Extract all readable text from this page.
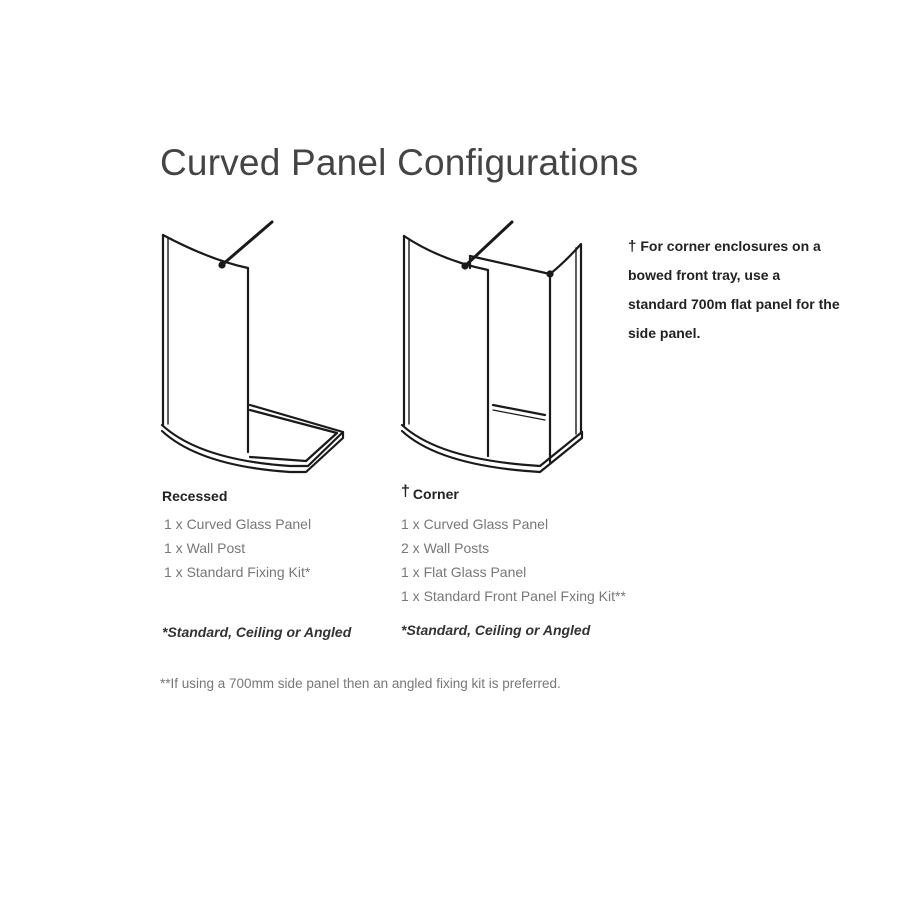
Curved Panel Configurations
† For corner enclosures on a bowed front tray, use a standard 700m flat panel for the side panel.
Recessed
1 x Curved Glass Panel
1 x Wall Post
1 x Standard Fixing Kit*
*Standard, Ceiling or Angled
† Corner
1 x Curved Glass Panel
2 x Wall Posts
1 x Flat Glass Panel
1 x Standard Front Panel Fxing Kit**
*Standard, Ceiling or Angled
**If using a 700mm side panel then an angled fixing kit is preferred.
